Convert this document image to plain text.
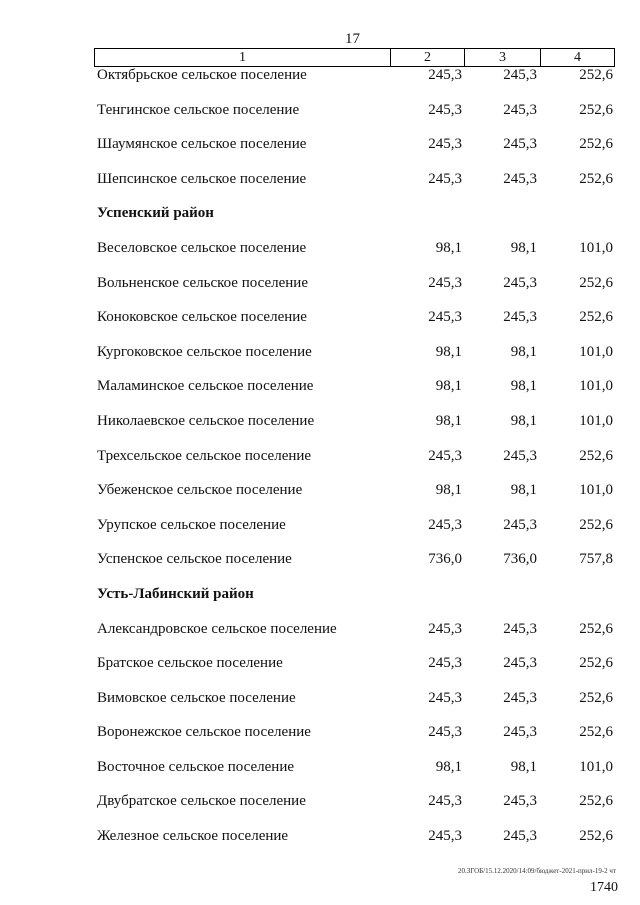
17
1	2	3	4
Октябрьское сельское поселение	245,3	245,3	252,6
Тенгинское сельское поселение	245,3	245,3	252,6
Шаумянское сельское поселение	245,3	245,3	252,6
Шепсинское сельское поселение	245,3	245,3	252,6
Успенский район
Веселовское сельское поселение	98,1	98,1	101,0
Вольненское сельское поселение	245,3	245,3	252,6
Коноковское сельское поселение	245,3	245,3	252,6
Кургоковское сельское поселение	98,1	98,1	101,0
Маламинское сельское поселение	98,1	98,1	101,0
Николаевское сельское поселение	98,1	98,1	101,0
Трехсельское сельское поселение	245,3	245,3	252,6
Убеженское сельское поселение	98,1	98,1	101,0
Урупское сельское поселение	245,3	245,3	252,6
Успенское сельское поселение	736,0	736,0	757,8
Усть-Лабинский район
Александровское сельское поселение	245,3	245,3	252,6
Братское сельское поселение	245,3	245,3	252,6
Вимовское сельское поселение	245,3	245,3	252,6
Воронежское сельское поселение	245,3	245,3	252,6
Восточное сельское поселение	98,1	98,1	101,0
Двубратское сельское поселение	245,3	245,3	252,6
Железное сельское поселение	245,3	245,3	252,6
20.ЗГОБ/15.12.2020/14:09/бюджет-2021-прил-19-2 чт
1740
